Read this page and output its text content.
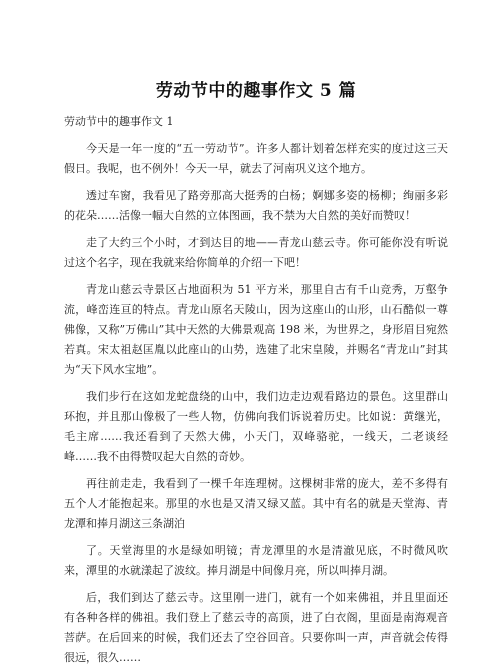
劳动节中的趣事作文 5 篇
劳动节中的趣事作文 1

今天是一年一度的“五一劳动节”。许多人都计划着怎样充实的度过这三天假日。我呢，也不例外！今天一早，就去了河南巩义这个地方。

透过车窗，我看见了路旁那高大挺秀的白杨；婀娜多姿的杨柳；绚丽多彩的花朵……活像一幅大自然的立体图画，我不禁为大自然的美好而赞叹！

走了大约三个小时，才到达目的地——青龙山慈云寺。你可能你没有听说过这个名字，现在我就来给你简单的介绍一下吧！

青龙山慈云寺景区占地面积为 51 平方米，那里自古有千山竞秀，万壑争流，峰峦连亘的特点。青龙山原名天陵山，因为这座山的山形，山石酷似一尊佛像，又称”万佛山”其中天然的大佛景观高 198 米，为世界之，身形眉目宛然若真。宋太祖赵匡胤以此座山的山势，选建了北宋皇陵，并赐名“青龙山”封其为“天下风水宝地”。

我们步行在这如龙蛇盘绕的山中，我们边走边观看路边的景色。这里群山环抱，并且那山像极了一些人物，仿佛向我们诉说着历史。比如说：黄继光，毛主席……我还看到了天然大佛，小天门，双峰骆驼，一线天，二老谈经峰……我不由得赞叹起大自然的奇妙。

再往前走走，我看到了一棵千年连理树。这棵树非常的庞大，差不多得有五个人才能抱起来。那里的水也是又清又绿又蓝。其中有名的就是天堂海、青龙潭和捧月湖这三条湖泊

了。天堂海里的水是绿如明镜；青龙潭里的水是清澈见底，不时微风吹来，潭里的水就漾起了波纹。捧月湖是中间像月亮，所以叫捧月湖。

后，我们到达了慈云寺。这里刚一进门，就有一个如来佛祖，并且里面还有各种各样的佛祖。我们登上了慈云寺的高顶，进了白衣阁，里面是南海观音菩萨。在后回来的时候，我们还去了空谷回音。只要你叫一声，声音就会传得很远，很久……
